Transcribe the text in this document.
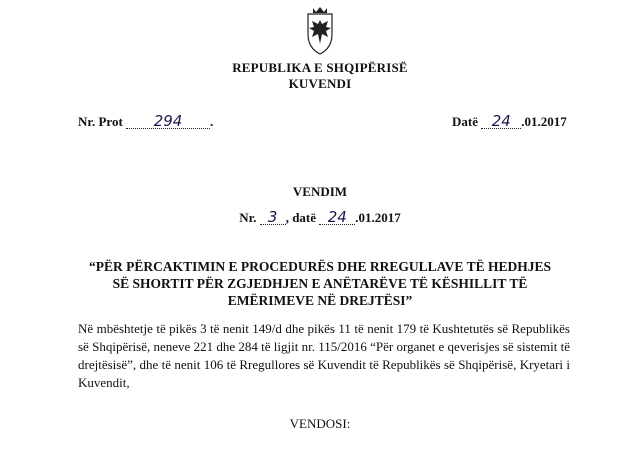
REPUBLIKA E SHQIPËRISË
KUVENDI
Nr. Prot 294 .	Datë 24 .01.2017
VENDIM
Nr. 3 , datë 24 .01.2017
“PËR PËRCAKTIMIN E PROCEDURËS DHE RREGULLAVE TË HEDHJES SË SHORTIT PËR ZGJEDHJEN E ANËTARËVE TË KËSHILLIT TË EMËRIMEVE NË DREJTËSI”
Në mbështetje të pikës 3 të nenit 149/d dhe pikës 11 të nenit 179 të Kushtetutës së Republikës së Shqipërisë, neneve 221 dhe 284 të ligjit nr. 115/2016 “Për organet e qeverisjes së sistemit të drejtësisë”, dhe të nenit 106 të Rregullores së Kuvendit të Republikës së Shqipërisë, Kryetari i Kuvendit,
VENDOSI:
